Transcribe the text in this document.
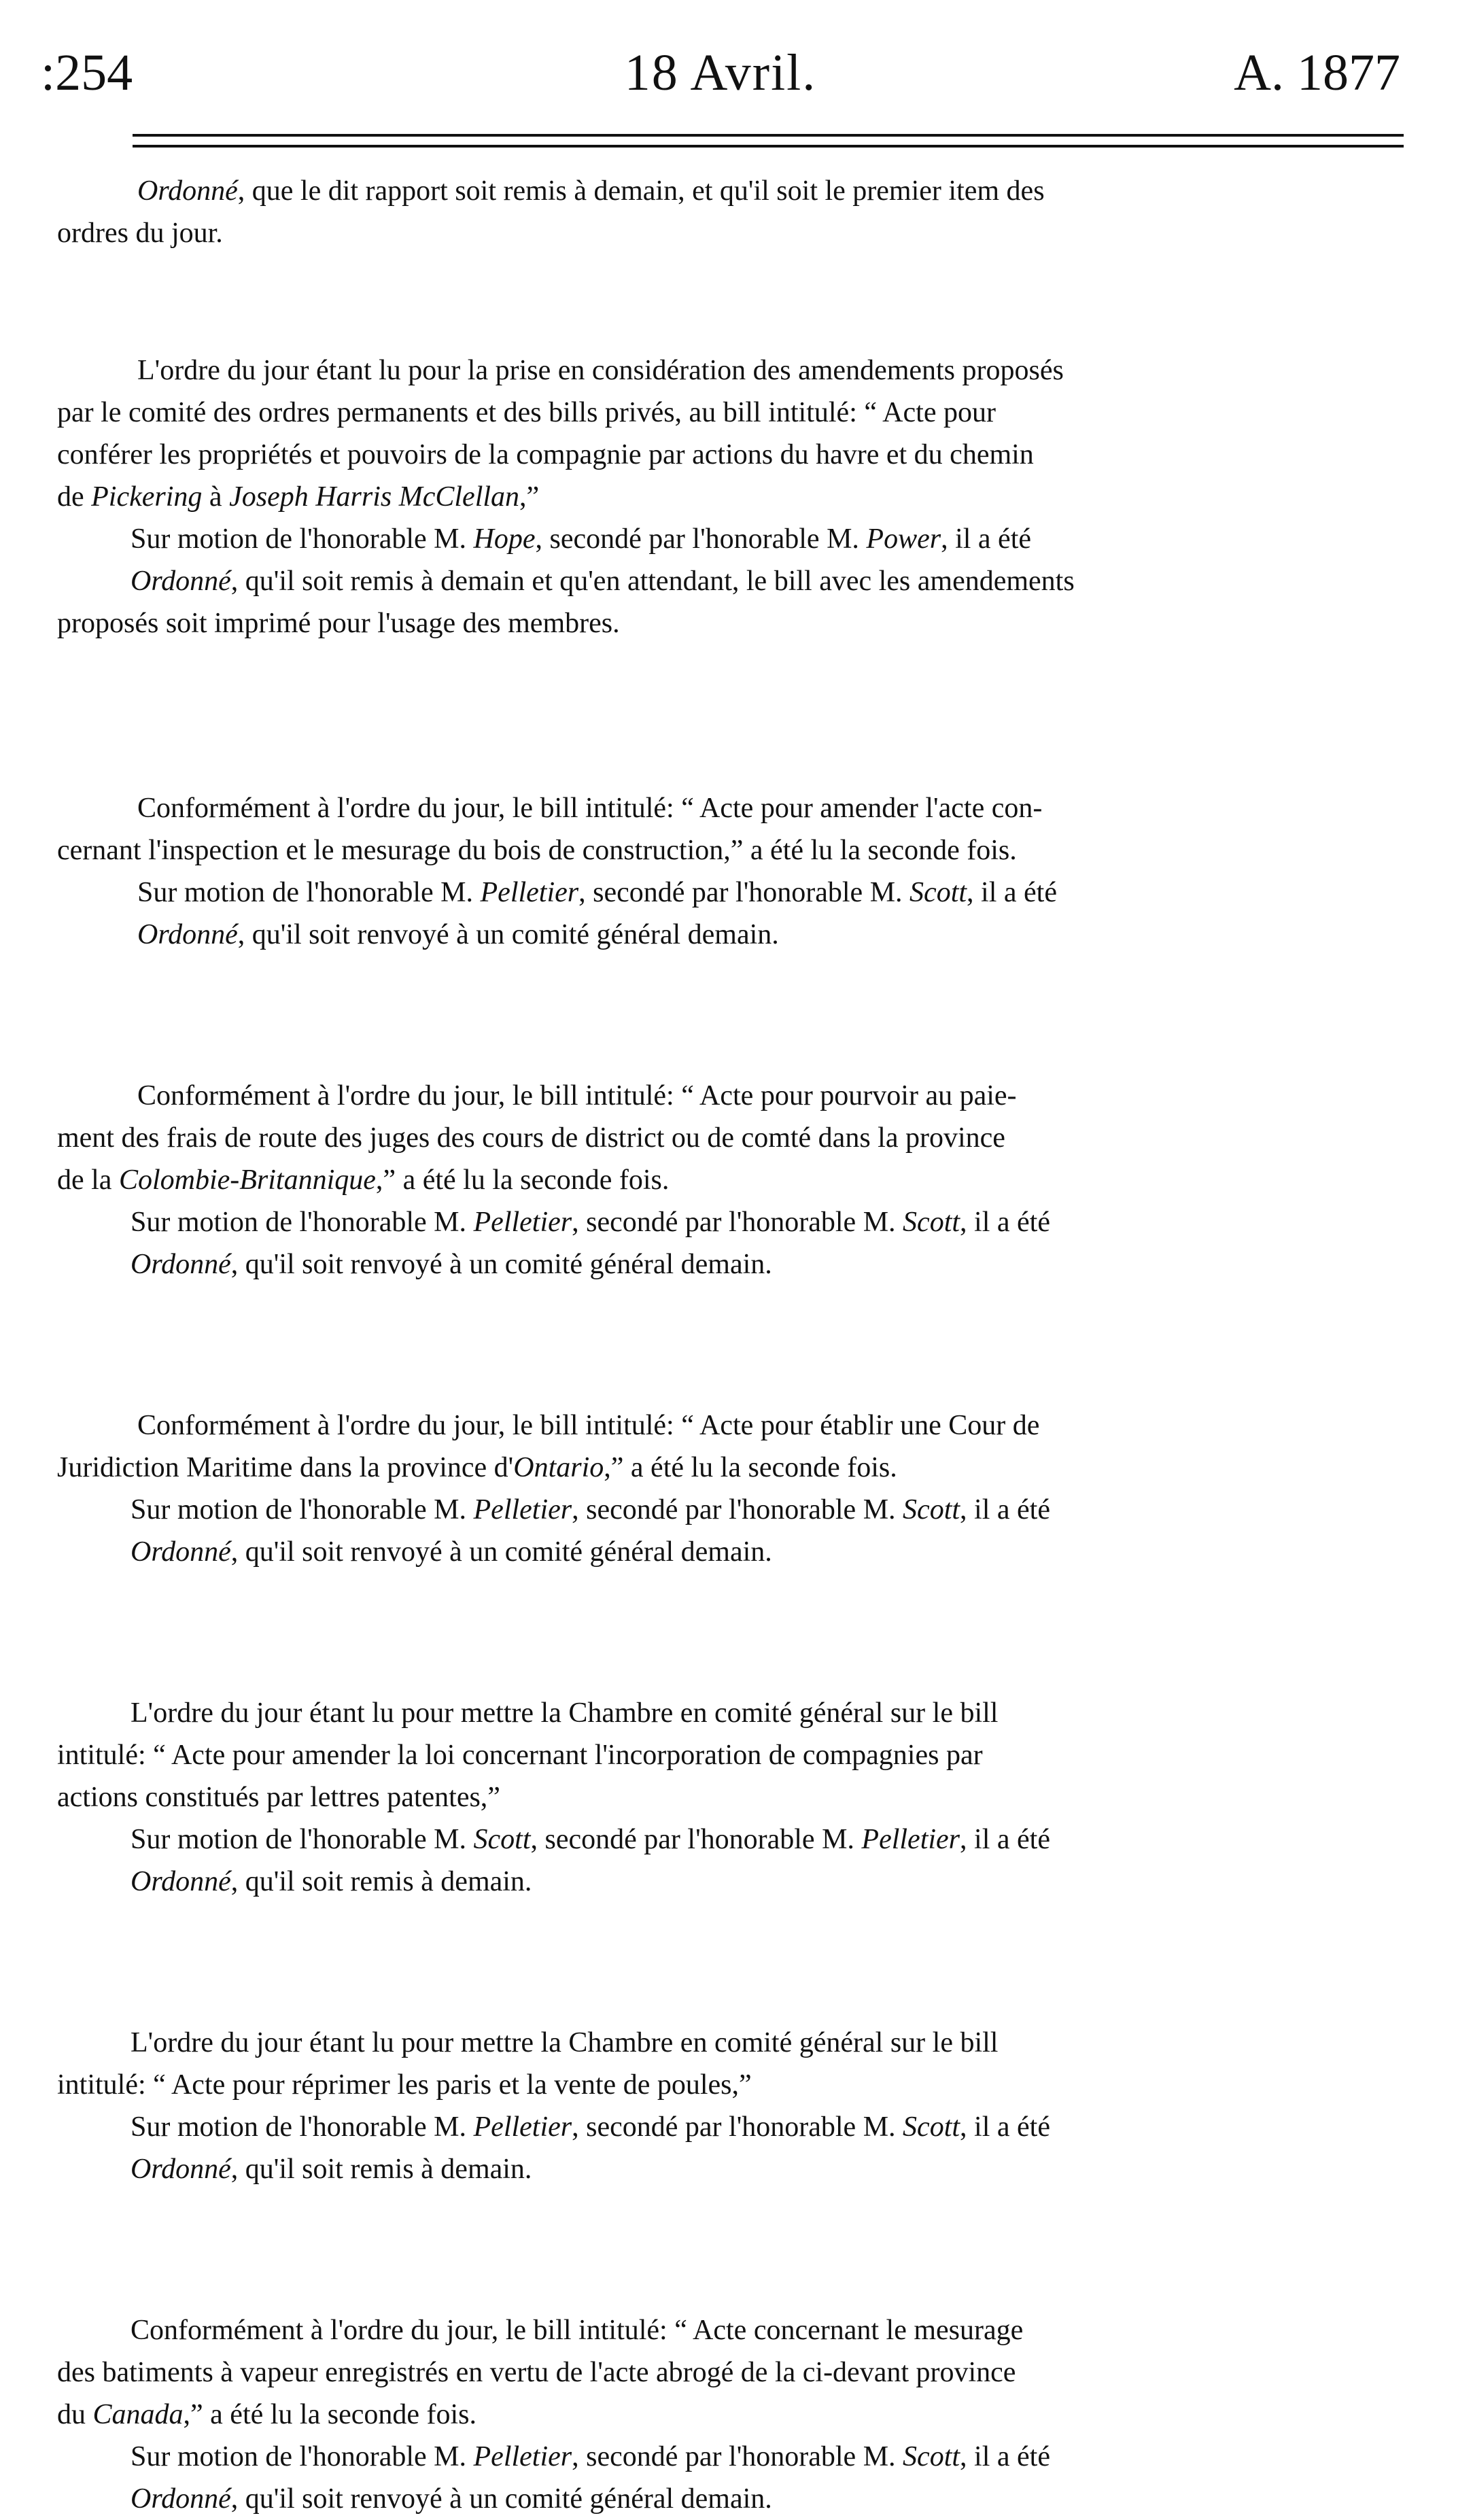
:254	18 Avril.	A. 1877
Ordonné, que le dit rapport soit remis à demain, et qu'il soit le premier item des
ordres du jour.
L'ordre du jour étant lu pour la prise en considération des amendements proposés
par le comité des ordres permanents et des bills privés, au bill intitulé: “ Acte pour
conférer les propriétés et pouvoirs de la compagnie par actions du havre et du chemin
de Pickering à Joseph Harris McClellan,”
Sur motion de l'honorable M. Hope, secondé par l'honorable M. Power, il a été
Ordonné, qu'il soit remis à demain et qu'en attendant, le bill avec les amendements
proposés soit imprimé pour l'usage des membres.
Conformément à l'ordre du jour, le bill intitulé: “ Acte pour amender l'acte con-
cernant l'inspection et le mesurage du bois de construction,” a été lu la seconde fois.
Sur motion de l'honorable M. Pelletier, secondé par l'honorable M. Scott, il a été
Ordonné, qu'il soit renvoyé à un comité général demain.
Conformément à l'ordre du jour, le bill intitulé: “ Acte pour pourvoir au paie-
ment des frais de route des juges des cours de district ou de comté dans la province
de la Colombie-Britannique,” a été lu la seconde fois.
Sur motion de l'honorable M. Pelletier, secondé par l'honorable M. Scott, il a été
Ordonné, qu'il soit renvoyé à un comité général demain.
Conformément à l'ordre du jour, le bill intitulé: “ Acte pour établir une Cour de
Juridiction Maritime dans la province d'Ontario,” a été lu la seconde fois.
Sur motion de l'honorable M. Pelletier, secondé par l'honorable M. Scott, il a été
Ordonné, qu'il soit renvoyé à un comité général demain.
L'ordre du jour étant lu pour mettre la Chambre en comité général sur le bill
intitulé: “ Acte pour amender la loi concernant l'incorporation de compagnies par
actions constitués par lettres patentes,”
Sur motion de l'honorable M. Scott, secondé par l'honorable M. Pelletier, il a été
Ordonné, qu'il soit remis à demain.
L'ordre du jour étant lu pour mettre la Chambre en comité général sur le bill
intitulé: “ Acte pour réprimer les paris et la vente de poules,”
Sur motion de l'honorable M. Pelletier, secondé par l'honorable M. Scott, il a été
Ordonné, qu'il soit remis à demain.
Conformément à l'ordre du jour, le bill intitulé: “ Acte concernant le mesurage
des batiments à vapeur enregistrés en vertu de l'acte abrogé de la ci-devant province
du Canada,” a été lu la seconde fois.
Sur motion de l'honorable M. Pelletier, secondé par l'honorable M. Scott, il a été
Ordonné, qu'il soit renvoyé à un comité général demain.
